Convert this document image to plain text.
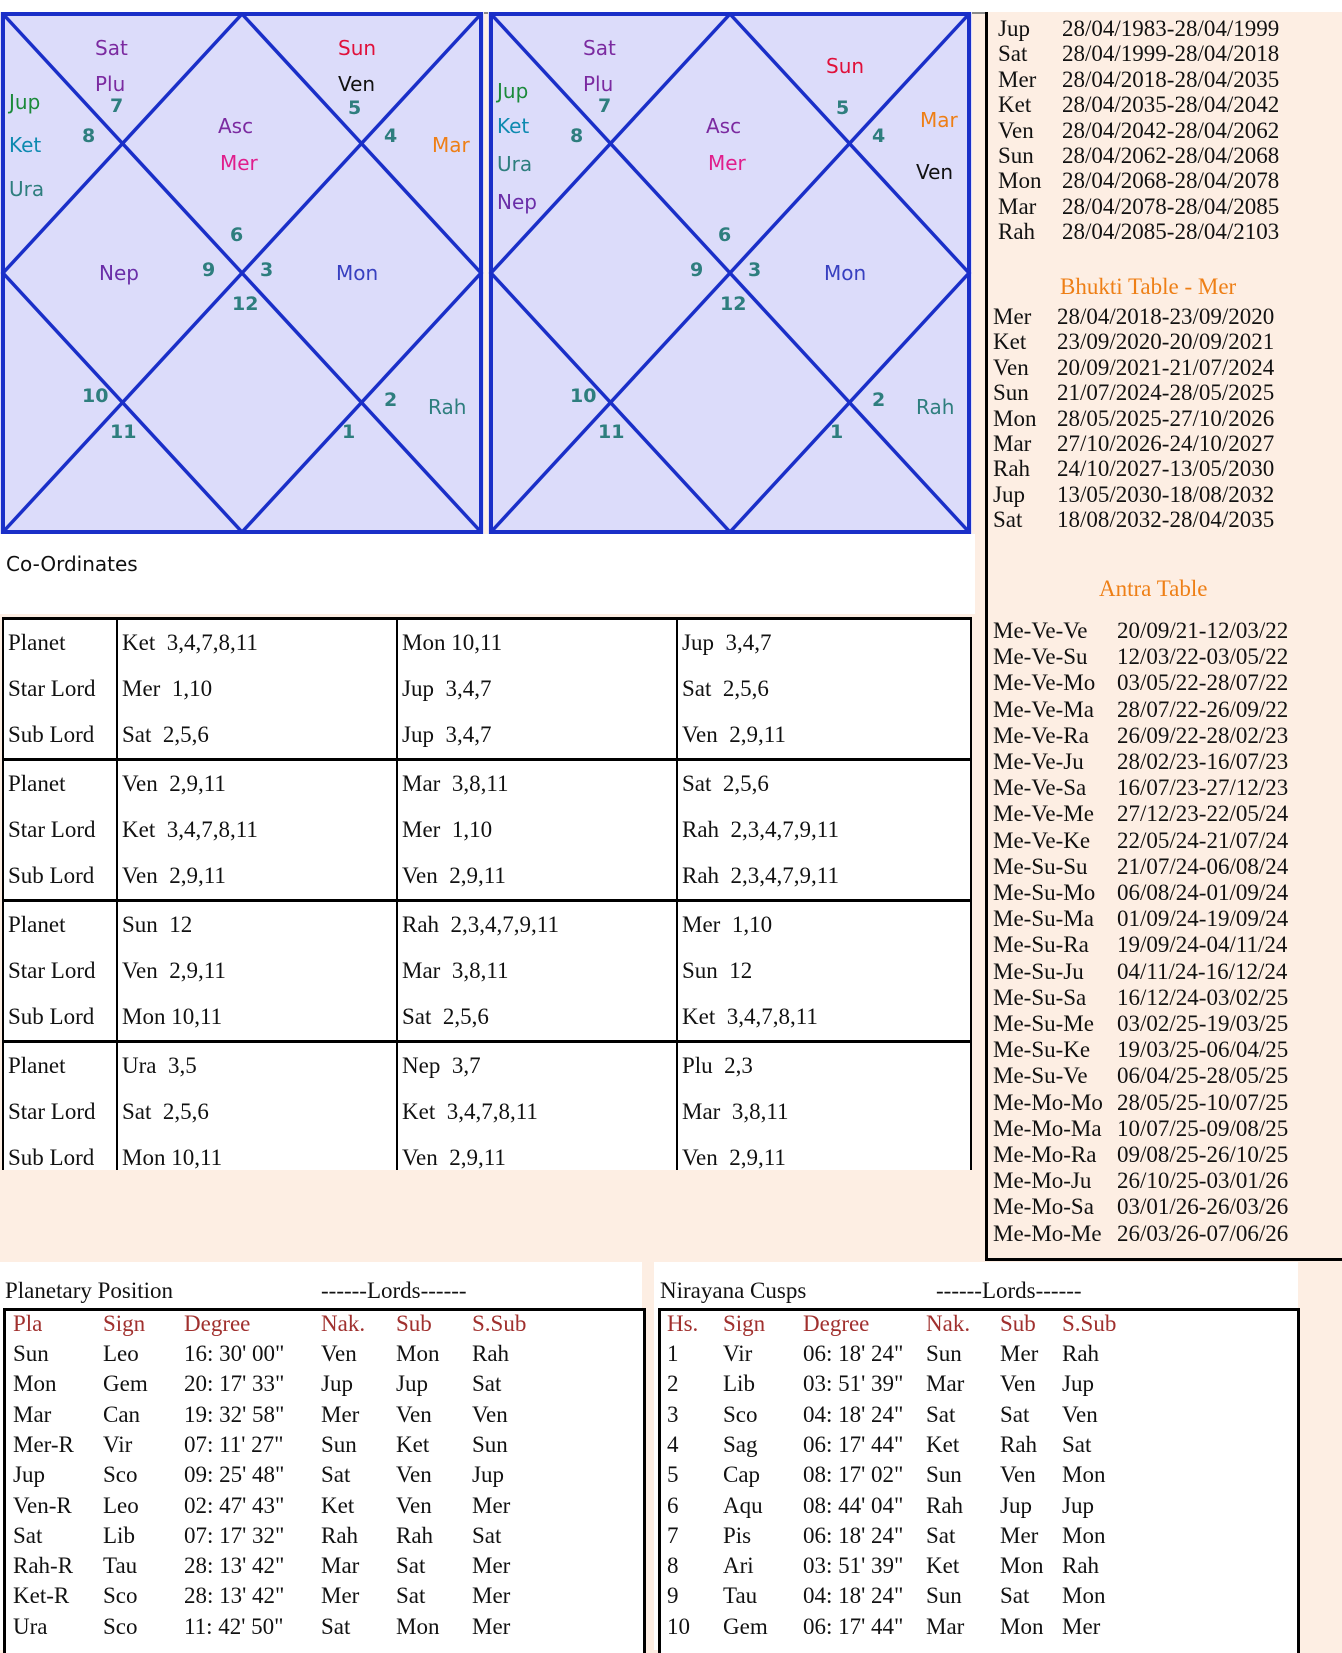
Sat
Plu
Sun
Ven
Jup
Ket
Ura
Asc
Mer
Mar
Nep	Mon
Rah
7
8
5
4
6
9 3
12
10
11
2
1
Sat
Plu
Sun
Mar
Ven
Jup
Ket
Ura
Nep
Asc
Mer
Mon
Rah
7
8
5
4
6
9 3
12
10
11
2
1
Co-Ordinates
Planet	Ket  3,4,7,8,11	Mon 10,11	Jup  3,4,7
Star Lord	Mer  1,10	Jup  3,4,7	Sat  2,5,6
Sub Lord	Sat  2,5,6	Jup  3,4,7	Ven  2,9,11
Planet	Ven  2,9,11	Mar  3,8,11	Sat  2,5,6
Star Lord	Ket  3,4,7,8,11	Mer  1,10	Rah  2,3,4,7,9,11
Sub Lord	Ven  2,9,11	Ven  2,9,11	Rah  2,3,4,7,9,11
Planet	Sun  12	Rah  2,3,4,7,9,11	Mer  1,10
Star Lord	Ven  2,9,11	Mar  3,8,11	Sun  12
Sub Lord	Mon 10,11	Sat  2,5,6	Ket  3,4,7,8,11
Planet	Ura  3,5	Nep  3,7	Plu  2,3
Star Lord	Sat  2,5,6	Ket  3,4,7,8,11	Mar  3,8,11
Sub Lord	Mon 10,11	Ven  2,9,11	Ven  2,9,11
Jup 28/04/1983-28/04/1999
Sat 28/04/1999-28/04/2018
Mer 28/04/2018-28/04/2035
Ket 28/04/2035-28/04/2042
Ven 28/04/2042-28/04/2062
Sun 28/04/2062-28/04/2068
Mon 28/04/2068-28/04/2078
Mar 28/04/2078-28/04/2085
Rah 28/04/2085-28/04/2103
Bhukti Table - Mer
Mer 28/04/2018-23/09/2020
Ket 23/09/2020-20/09/2021
Ven 20/09/2021-21/07/2024
Sun 21/07/2024-28/05/2025
Mon 28/05/2025-27/10/2026
Mar 27/10/2026-24/10/2027
Rah 24/10/2027-13/05/2030
Jup 13/05/2030-18/08/2032
Sat 18/08/2032-28/04/2035
Antra Table
Me-Ve-Ve 20/09/21-12/03/22
Me-Ve-Su 12/03/22-03/05/22
Me-Ve-Mo 03/05/22-28/07/22
Me-Ve-Ma 28/07/22-26/09/22
Me-Ve-Ra 26/09/22-28/02/23
Me-Ve-Ju 28/02/23-16/07/23
Me-Ve-Sa 16/07/23-27/12/23
Me-Ve-Me 27/12/23-22/05/24
Me-Ve-Ke 22/05/24-21/07/24
Me-Su-Su 21/07/24-06/08/24
Me-Su-Mo 06/08/24-01/09/24
Me-Su-Ma 01/09/24-19/09/24
Me-Su-Ra 19/09/24-04/11/24
Me-Su-Ju 04/11/24-16/12/24
Me-Su-Sa 16/12/24-03/02/25
Me-Su-Me 03/02/25-19/03/25
Me-Su-Ke 19/03/25-06/04/25
Me-Su-Ve 06/04/25-28/05/25
Me-Mo-Mo 28/05/25-10/07/25
Me-Mo-Ma 10/07/25-09/08/25
Me-Mo-Ra 09/08/25-26/10/25
Me-Mo-Ju 26/10/25-03/01/26
Me-Mo-Sa 03/01/26-26/03/26
Me-Mo-Me 26/03/26-07/06/26
Planetary Position	------Lords------
Pla	Sign Degree	Nak. Sub S.Sub
Sun Leo 16: 30' 00" Ven Mon Rah
Mon Gem 20: 17' 33" Jup Jup Sat
Mar Can 19: 32' 58" Mer Ven Ven
Mer-R Vir 07: 11' 27" Sun Ket Sun
Jup	Sco 09: 25' 48" Sat Ven Jup
Ven-R Leo 02: 47' 43" Ket Ven Mer
Sat	Lib 07: 17' 32" Rah Rah Sat
Rah-R Tau 28: 13' 42" Mar Sat Mer
Ket-R Sco 28: 13' 42" Mer Sat Mer
Ura Sco 11: 42' 50" Sat Mon Mer
Nirayana Cusps	------Lords------
Hs. Sign Degree Nak. Sub S.Sub
1 Vir 06: 18' 24" Sun Mer Rah
2 Lib 03: 51' 39" Mar Ven Jup
3 Sco 04: 18' 24" Sat Sat Ven
4 Sag 06: 17' 44" Ket Rah Sat
5 Cap 08: 17' 02" Sun Ven Mon
6 Aqu 08: 44' 04" Rah Jup Jup
7 Pis 06: 18' 24" Sat Mer Mon
8 Ari 03: 51' 39" Ket Mon Rah
9 Tau 04: 18' 24" Sun Sat Mon
10 Gem 06: 17' 44" Mar Mon Mer
